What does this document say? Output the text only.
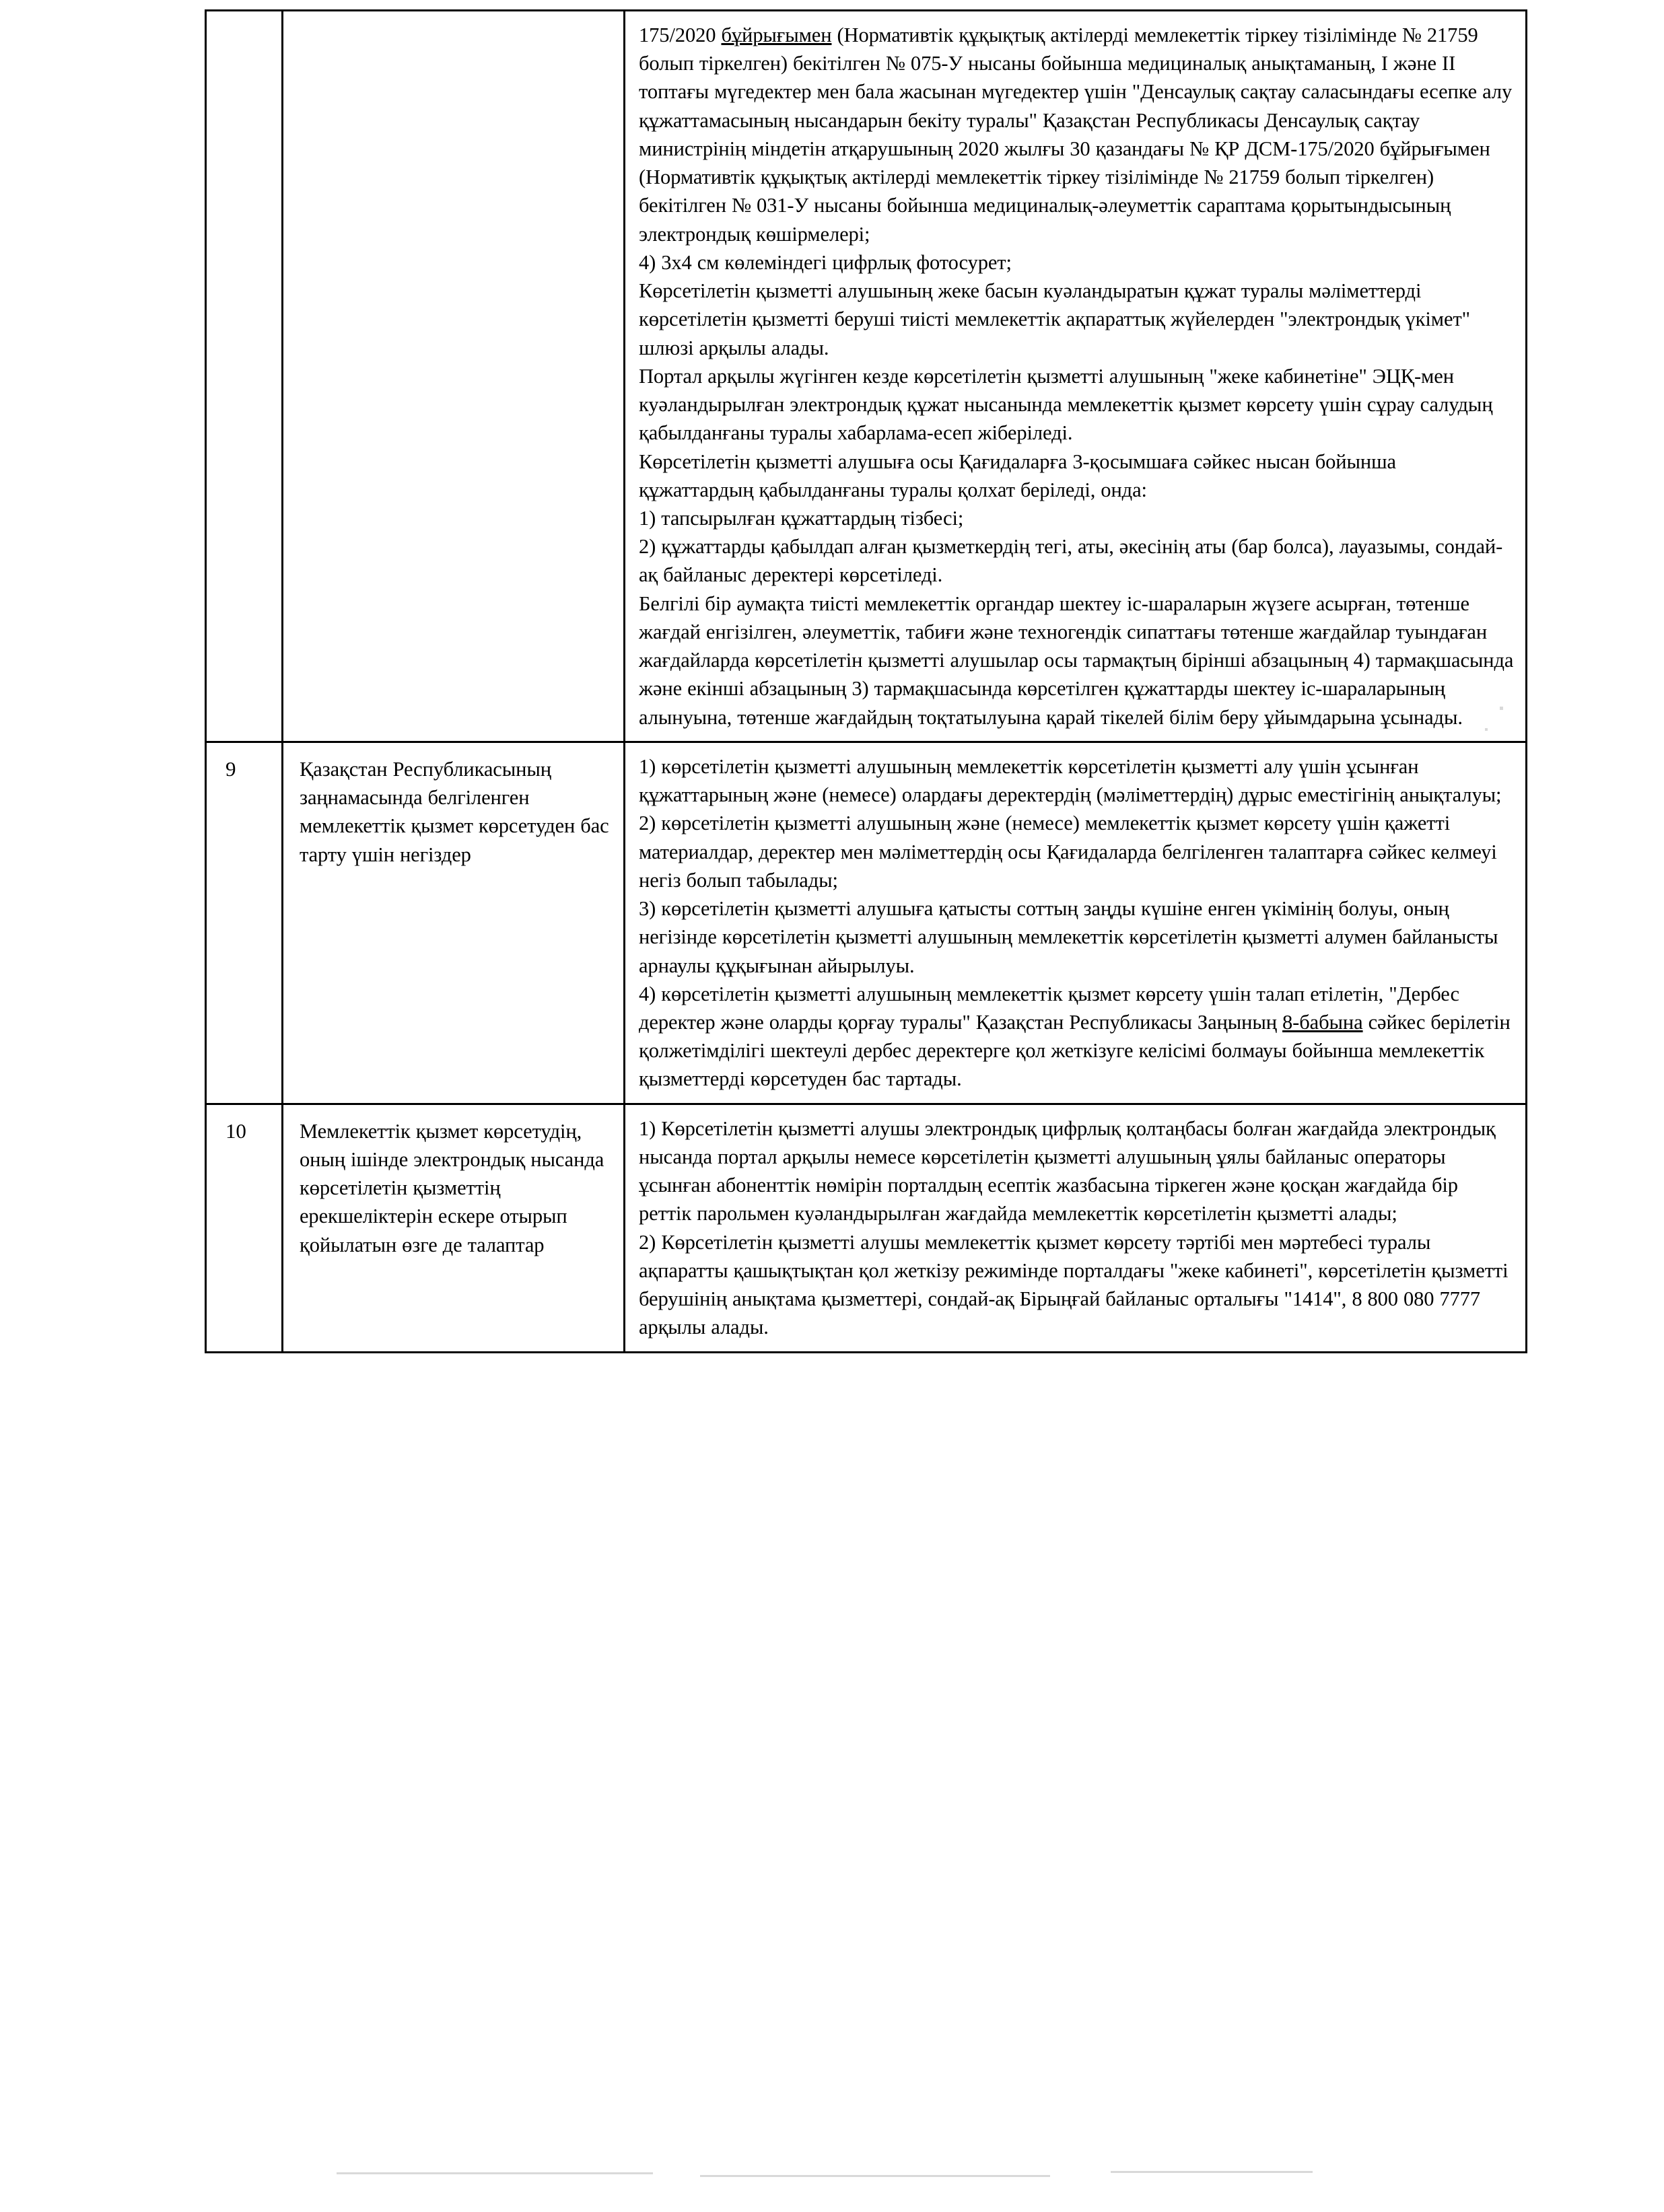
175/2020 бұйрығымен (Нормативтік құқықтық актілерді мемлекеттік тіркеу тізілімінде № 21759 болып тіркелген) бекітілген № 075-У нысаны бойынша медициналық анықтаманың, I және II топтағы мүгедектер мен бала жасынан мүгедектер үшін "Денсаулық сақтау саласындағы есепке алу құжаттамасының нысандарын бекіту туралы" Қазақстан Республикасы Денсаулық сақтау министрінің міндетін атқарушының 2020 жылғы 30 қазандағы № ҚР ДСМ-175/2020 бұйрығымен (Нормативтік құқықтық актілерді мемлекеттік тіркеу тізілімінде № 21759 болып тіркелген) бекітілген № 031-У нысаны бойынша медициналық-әлеуметтік сараптама қорытындысының электрондық көшірмелері;

4) 3х4 см көлеміндегі цифрлық фотосурет;

Көрсетілетін қызметті алушының жеке басын куәландыратын құжат туралы мәліметтерді көрсетілетін қызметті беруші тиісті мемлекеттік ақпараттық жүйелерден "электрондық үкімет" шлюзі арқылы алады.

Портал арқылы жүгінген кезде көрсетілетін қызметті алушының "жеке кабинетіне" ЭЦҚ-мен куәландырылған электрондық құжат нысанында мемлекеттік қызмет көрсету үшін сұрау салудың қабылданғаны туралы хабарлама-есеп жіберіледі.

Көрсетілетін қызметті алушыға осы Қағидаларға 3-қосымшаға сәйкес нысан бойынша құжаттардың қабылданғаны туралы қолхат беріледі, онда:

1) тапсырылған құжаттардың тізбесі;

2) құжаттарды қабылдап алған қызметкердің тегі, аты, әкесінің аты (бар болса), лауазымы, сондай-ақ байланыс деректері көрсетіледі.

Белгілі бір аумақта тиісті мемлекеттік органдар шектеу іс-шараларын жүзеге асырған, төтенше жағдай енгізілген, әлеуметтік, табиғи және техногендік сипаттағы төтенше жағдайлар туындаған жағдайларда көрсетілетін қызметті алушылар осы тармақтың бірінші абзацының 4) тармақшасында және екінші абзацының 3) тармақшасында көрсетілген құжаттарды шектеу іс-шараларының алынуына, төтенше жағдайдың тоқтатылуына қарай тікелей білім беру ұйымдарына ұсынады.

9	Қазақстан Республикасының заңнамасында белгіленген мемлекеттік қызмет көрсетуден бас тарту үшін негіздер	1) көрсетілетін қызметті алушының мемлекеттік көрсетілетін қызметті алу үшін ұсынған құжаттарының және (немесе) олардағы деректердің (мәліметтердің) дұрыс еместігінің анықталуы;

2) көрсетілетін қызметті алушының және (немесе) мемлекеттік қызмет көрсету үшін қажетті материалдар, деректер мен мәліметтердің осы Қағидаларда белгіленген талаптарға сәйкес келмеуі негіз болып табылады;

3) көрсетілетін қызметті алушыға қатысты соттың заңды күшіне енген үкімінің болуы, оның негізінде көрсетілетін қызметті алушының мемлекеттік көрсетілетін қызметті алумен байланысты арнаулы құқығынан айырылуы.

4) көрсетілетін қызметті алушының мемлекеттік қызмет көрсету үшін талап етілетін, "Дербес деректер және оларды қорғау туралы" Қазақстан Республикасы Заңының 8-бабына сәйкес берілетін қолжетімділігі шектеулі дербес деректерге қол жеткізуге келісімі болмауы бойынша мемлекеттік қызметтерді көрсетуден бас тартады.

10	Мемлекеттік қызмет көрсетудің, оның ішінде электрондық нысанда көрсетілетін қызметтің ерекшеліктерін ескере отырып қойылатын өзге де талаптар	1) Көрсетілетін қызметті алушы электрондық цифрлық қолтаңбасы болған жағдайда электрондық нысанда портал арқылы немесе көрсетілетін қызметті алушының ұялы байланыс операторы ұсынған абоненттік нөмірін порталдың есептік жазбасына тіркеген және қосқан жағдайда бір реттік парольмен куәландырылған жағдайда мемлекеттік көрсетілетін қызметті алады;

2) Көрсетілетін қызметті алушы мемлекеттік қызмет көрсету тәртібі мен мәртебесі туралы ақпаратты қашықтықтан қол жеткізу режимінде порталдағы "жеке кабинеті", көрсетілетін қызметті берушінің анықтама қызметтері, сондай-ақ Бірыңғай байланыс орталығы "1414", 8 800 080 7777 арқылы алады.
